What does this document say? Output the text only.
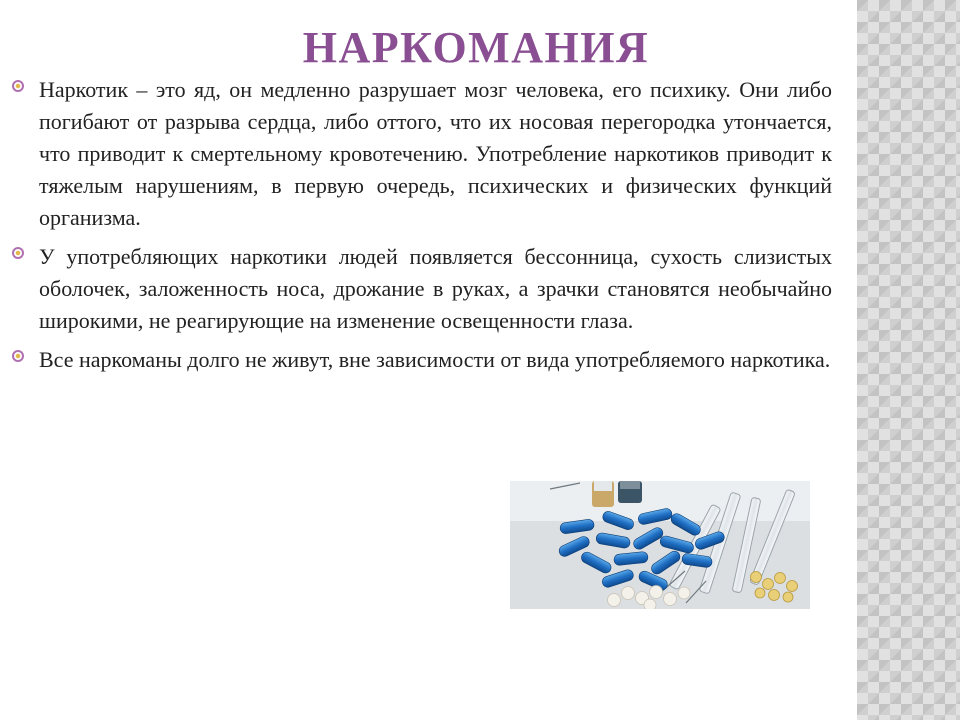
НАРКОМАНИЯ

Наркотик – это яд, он медленно разрушает мозг человека, его психику. Они либо погибают от разрыва сердца, либо оттого, что их носовая перегородка утончается, что приводит к смертельному кровотечению. Употребление наркотиков приводит к тяжелым нарушениям, в первую очередь, психических и физических функций организма.

У употребляющих наркотики людей появляется бессонница, сухость слизистых оболочек, заложенность носа, дрожание в руках, а зрачки становятся необычайно широкими, не реагирующие на изменение освещенности глаза.

Все наркоманы долго не живут, вне зависимости от вида употребляемого наркотика.
